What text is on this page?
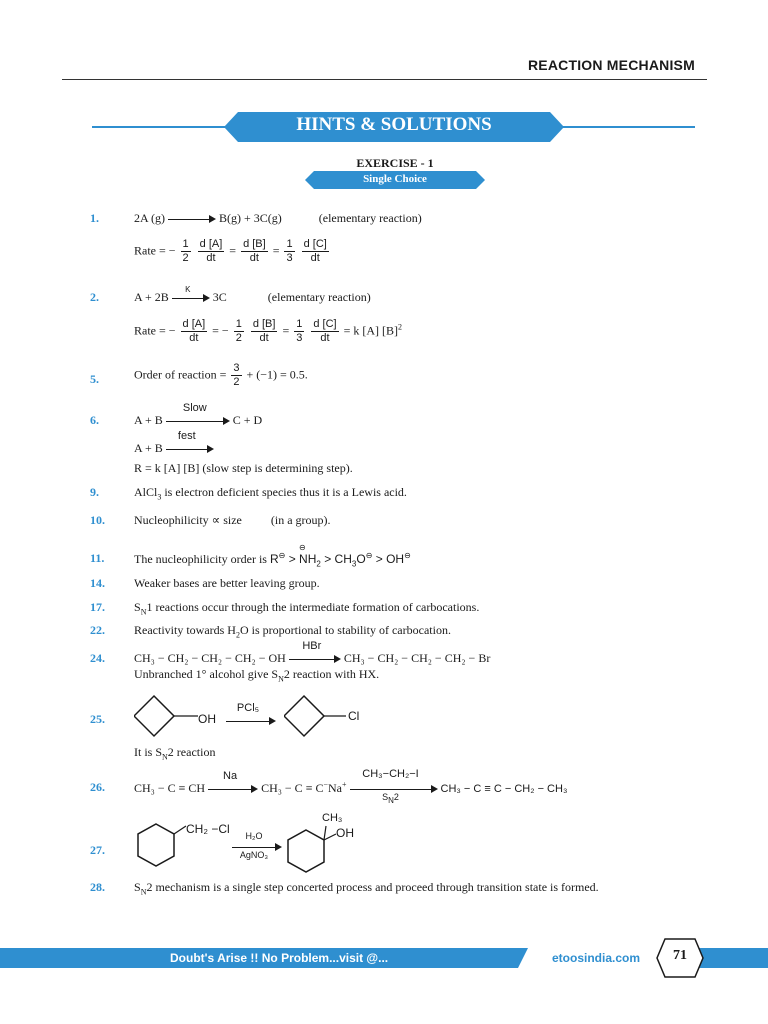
REACTION MECHANISM
HINTS & SOLUTIONS
EXERCISE - 1
Single Choice
1.	2A (g)	B(g) + 3C(g)	(elementary reaction)
Rate = − $\frac{1}{2}$
$\frac{d [A]}{dt} = \frac{d [B]}{dt} = \frac{1}{3}$
$\frac{d [C]}{dt}$
2.	A + 2B
K
3C	(elementary reaction)
Rate = − $\frac{d [A]}{dt}$ = − $\frac{1}{2}$
$\frac{d [B]}{dt} = \frac{1}{3}$
$\frac{d [C]}{dt} = k$ [A] $[B]^2$
5.	Order of reaction = $\frac{3}{2} + (-1) = 0.5$.
6.	A + B
Slow
C + D
A + B
fest
R = k [A] [B] (slow step is determining step).
9.	AlCl$_3$ is electron deficient species thus it is a Lewis acid.
10. Nucleophilicity ∝ size (in a group).
11. The nucleophilicity order is R⊖ >
⊖
$NH_2 > CH_3O^⊖ > OH^⊖$
14. Weaker bases are better leaving group.
17. $S_N1$ reactions occur through the intermediate formation of carbocations.
22. Reactivity towards $H_2O$ is proportional to stability of carbocation.
24. CH₃ − CH₂ − CH₂ − CH₂ − OH
HBr
CH₃ − CH₂ − CH₂ − CH₂ − Br
Unbranched 1° alcohol give $S_N2$ reaction with HX.
25.	OH
PCl₅
Cl
It is $S_N2$ reaction
26. CH₃ − C ≡ CH
Na
CH₃ − C ≡ C−Na+
CH₃−CH₂−I
$S_N2$
CH₃ − C ≡ C − CH₂ − CH₃
27.
CH₂ −Cl
H₂O
AgNO₃
CH₃
OH
28. $S_N2$ mechanism is a single step concerted process and proceed through transition state is formed.
Doubt's Arise !! No Problem...visit @...	etoosindia.com	71
